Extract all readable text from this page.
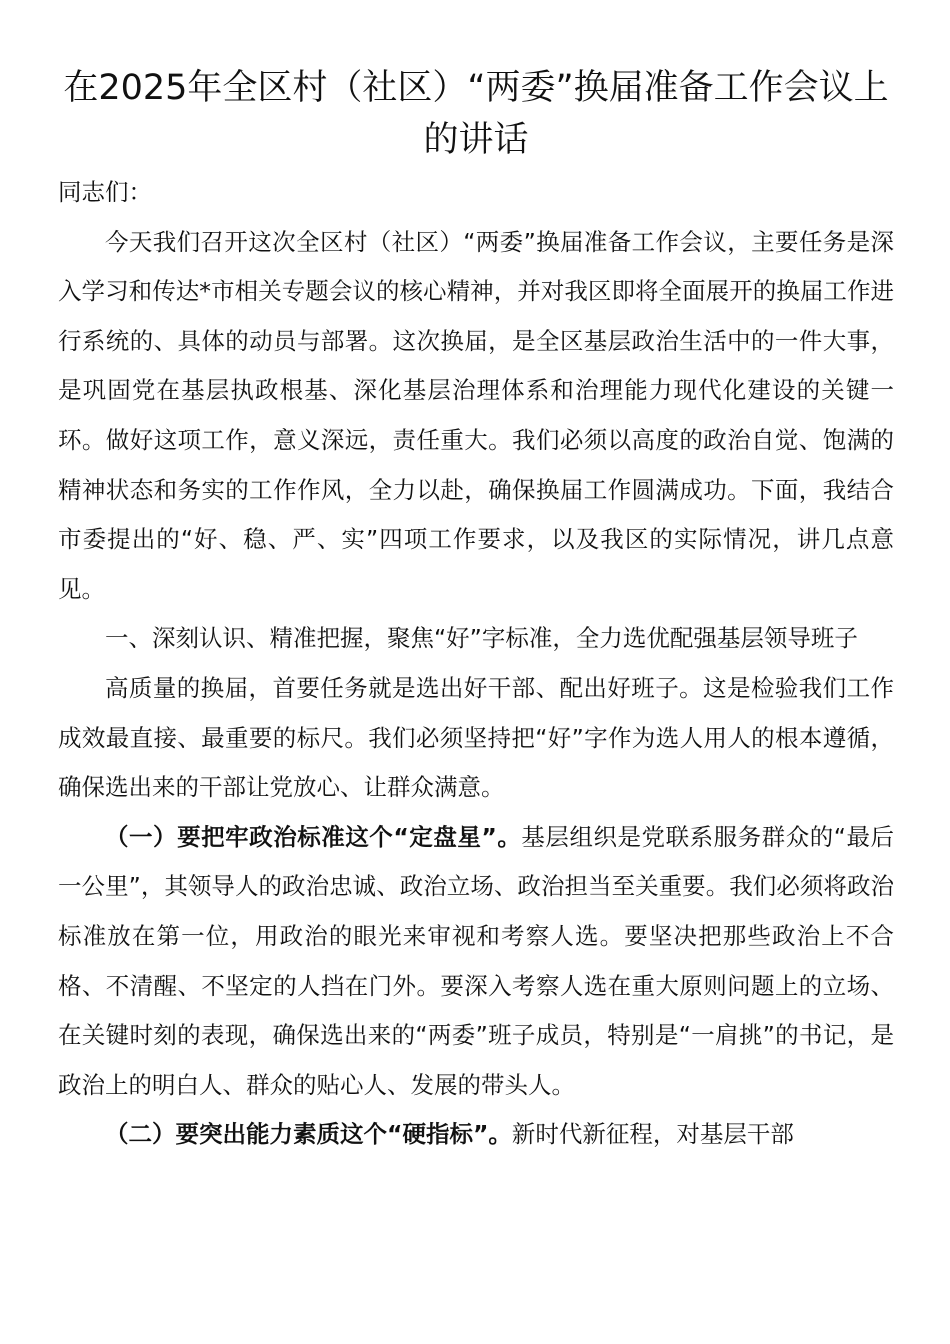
在2025年全区村（社区）“两委”换届准备工作会议上的讲话

同志们：

今天我们召开这次全区村（社区）“两委”换届准备工作会议，主要任务是深入学习和传达*市相关专题会议的核心精神，并对我区即将全面展开的换届工作进行系统的、具体的动员与部署。这次换届，是全区基层政治生活中的一件大事，是巩固党在基层执政根基、深化基层治理体系和治理能力现代化建设的关键一环。做好这项工作，意义深远，责任重大。我们必须以高度的政治自觉、饱满的精神状态和务实的工作作风，全力以赴，确保换届工作圆满成功。下面，我结合市委提出的“好、稳、严、实”四项工作要求，以及我区的实际情况，讲几点意见。

一、深刻认识、精准把握，聚焦“好”字标准，全力选优配强基层领导班子

高质量的换届，首要任务就是选出好干部、配出好班子。这是检验我们工作成效最直接、最重要的标尺。我们必须坚持把“好”字作为选人用人的根本遵循，确保选出来的干部让党放心、让群众满意。

（一）要把牢政治标准这个“定盘星”。基层组织是党联系服务群众的“最后一公里”，其领导人的政治忠诚、政治立场、政治担当至关重要。我们必须将政治标准放在第一位，用政治的眼光来审视和考察人选。要坚决把那些政治上不合格、不清醒、不坚定的人挡在门外。要深入考察人选在重大原则问题上的立场、在关键时刻的表现，确保选出来的“两委”班子成员，特别是“一肩挑”的书记，是政治上的明白人、群众的贴心人、发展的带头人。

（二）要突出能力素质这个“硬指标”。新时代新征程，对基层干部
